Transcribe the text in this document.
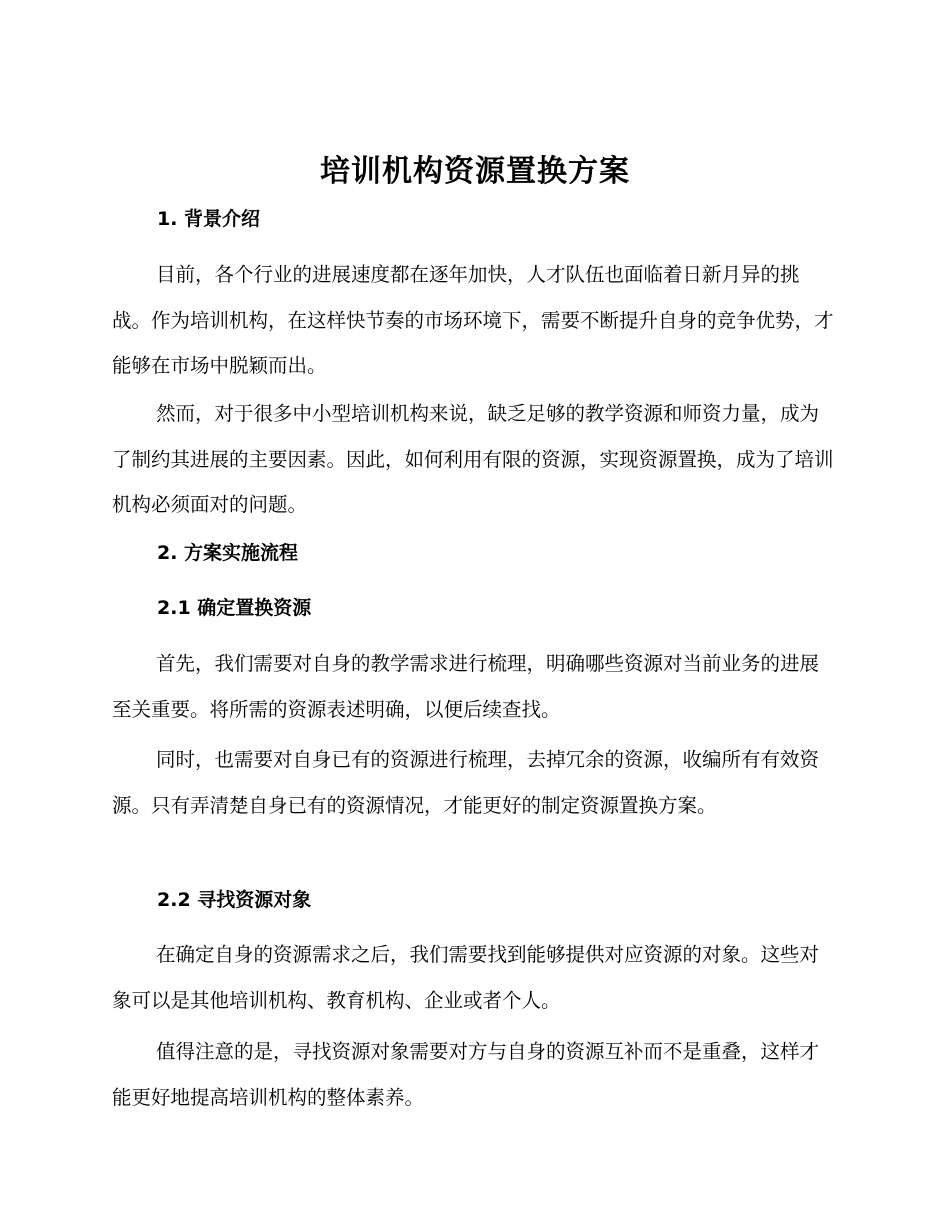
培训机构资源置换方案
1. 背景介绍

目前，各个行业的进展速度都在逐年加快，人才队伍也面临着日新月异的挑战。作为培训机构，在这样快节奏的市场环境下，需要不断提升自身的竞争优势，才能够在市场中脱颖而出。

然而，对于很多中小型培训机构来说，缺乏足够的教学资源和师资力量，成为了制约其进展的主要因素。因此，如何利用有限的资源，实现资源置换，成为了培训机构必须面对的问题。

2. 方案实施流程
2.1 确定置换资源

首先，我们需要对自身的教学需求进行梳理，明确哪些资源对当前业务的进展至关重要。将所需的资源表述明确，以便后续查找。

同时，也需要对自身已有的资源进行梳理，去掉冗余的资源，收编所有有效资源。只有弄清楚自身已有的资源情况，才能更好的制定资源置换方案。

2.2 寻找资源对象

在确定自身的资源需求之后，我们需要找到能够提供对应资源的对象。这些对象可以是其他培训机构、教育机构、企业或者个人。

值得注意的是，寻找资源对象需要对方与自身的资源互补而不是重叠，这样才能更好地提高培训机构的整体素养。
